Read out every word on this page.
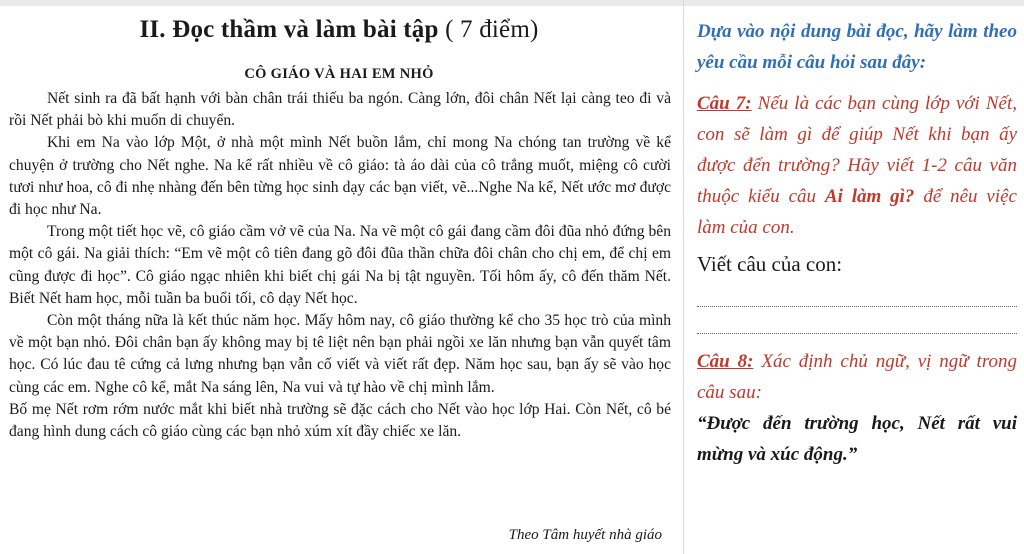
II. Đọc thầm và làm bài tập ( 7 điểm)
CÔ GIÁO VÀ HAI EM NHỎ

Nết sinh ra đã bất hạnh với bàn chân trái thiếu ba ngón. Càng lớn, đôi chân Nết lại càng teo đi và rồi Nết phải bò khi muốn di chuyển.

Khi em Na vào lớp Một, ở nhà một mình Nết buồn lắm, chỉ mong Na chóng tan trường về kể chuyện ở trường cho Nết nghe. Na kể rất nhiều về cô giáo: tà áo dài của cô trắng muốt, miệng cô cười tươi như hoa, cô đi nhẹ nhàng đến bên từng học sinh dạy các bạn viết, vẽ...Nghe Na kể, Nết ước mơ được đi học như Na.

Trong một tiết học vẽ, cô giáo cầm vở vẽ của Na. Na vẽ một cô gái đang cầm đôi đũa nhỏ đứng bên một cô gái. Na giải thích: “Em vẽ một cô tiên đang gõ đôi đũa thần chữa đôi chân cho chị em, để chị em cũng được đi học”. Cô giáo ngạc nhiên khi biết chị gái Na bị tật nguyền. Tối hôm ấy, cô đến thăm Nết. Biết Nết ham học, mỗi tuần ba buổi tối, cô dạy Nết học.

Còn một tháng nữa là kết thúc năm học. Mấy hôm nay, cô giáo thường kể cho 35 học trò của mình về một bạn nhỏ. Đôi chân bạn ấy không may bị tê liệt nên bạn phải ngồi xe lăn nhưng bạn vẫn quyết tâm học. Có lúc đau tê cứng cả lưng nhưng bạn vẫn cố viết và viết rất đẹp. Năm học sau, bạn ấy sẽ vào học cùng các em. Nghe cô kể, mắt Na sáng lên, Na vui và tự hào về chị mình lắm.

Bố mẹ Nết rơm rớm nước mắt khi biết nhà trường sẽ đặc cách cho Nết vào học lớp Hai. Còn Nết, cô bé đang hình dung cách cô giáo cùng các bạn nhỏ xúm xít đầy chiếc xe lăn.

Theo Tâm huyết nhà giáo

Dựa vào nội dung bài đọc, hãy làm theo yêu cầu mỗi câu hỏi sau đây:

Câu 7: Nếu là các bạn cùng lớp với Nết, con sẽ làm gì để giúp Nết khi bạn ấy được đến trường? Hãy viết 1-2 câu văn thuộc kiểu câu Ai làm gì? để nêu việc làm của con.

Viết câu của con:

Câu 8: Xác định chủ ngữ, vị ngữ trong câu sau:

“Được đến trường học, Nết rất vui mừng và xúc động.”
